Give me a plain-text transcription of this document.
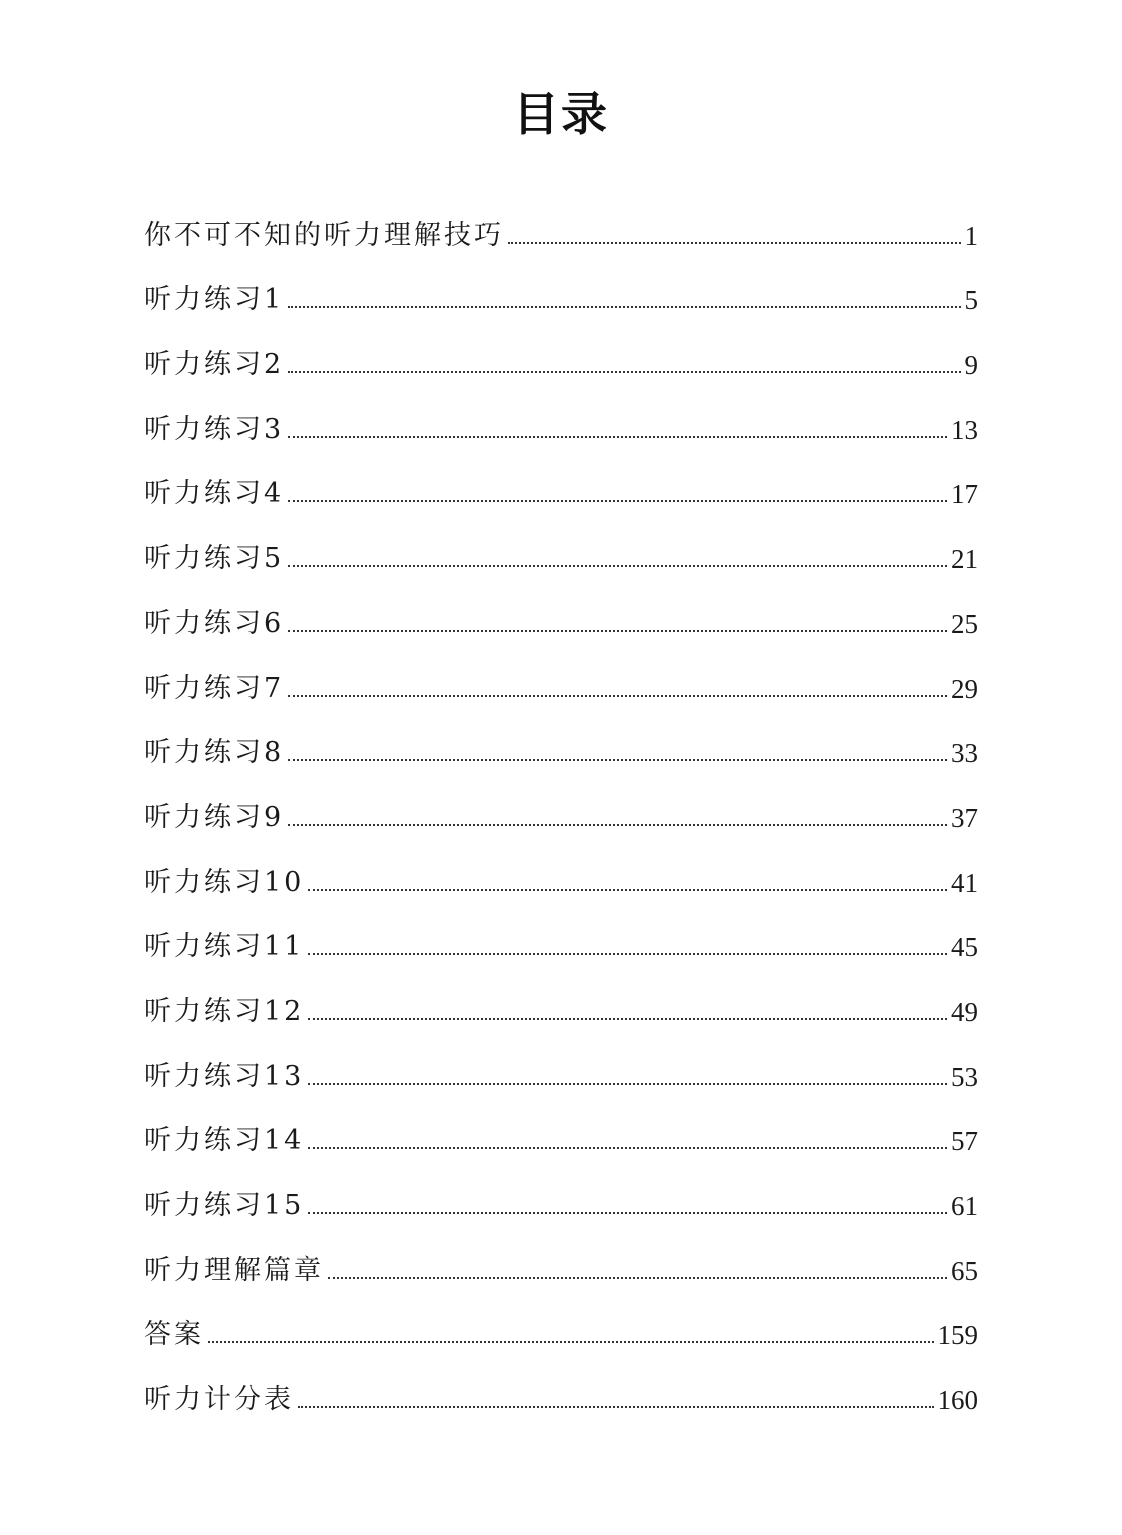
目录
你不可不知的听力理解技巧	1
听力练习1	5
听力练习2	9
听力练习3	13
听力练习4	17
听力练习5	21
听力练习6	25
听力练习7	29
听力练习8	33
听力练习9	37
听力练习10	41
听力练习11	45
听力练习12	49
听力练习13	53
听力练习14	57
听力练习15	61
听力理解篇章	65
答案	159
听力计分表	160
